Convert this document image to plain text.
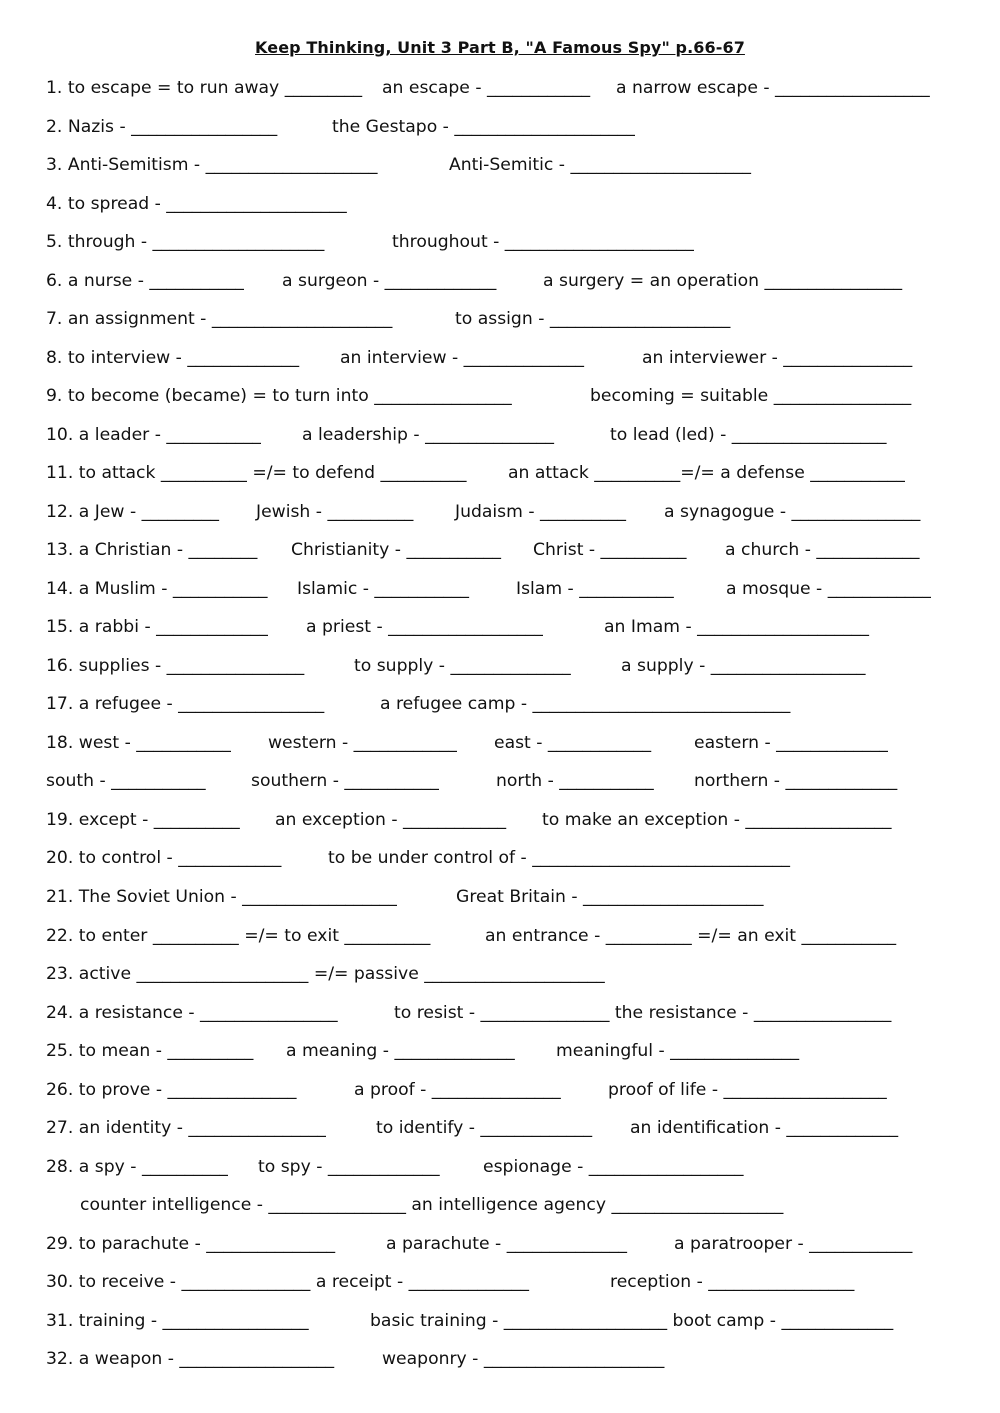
Keep Thinking, Unit 3 Part B, "A Famous Spy" p.66-67
1. to escape = to run away _________ an escape - ____________ a narrow escape - __________________
2. Nazis - _________________	the Gestapo - _____________________
3. Anti-Semitism - ____________________	Anti-Semitic - _____________________
4. to spread - _____________________
5. through - ____________________	throughout - ______________________
6. a nurse - ___________ a surgeon - _____________	a surgery = an operation ________________
7. an assignment - _____________________	to assign - _____________________
8. to interview - _____________ an interview - ______________	an interviewer - _______________
9. to become (became) = to turn into ________________	becoming = suitable ________________
10. a leader - ___________ a leadership - _______________	to lead (led) - __________________
11. to attack __________ =/= to defend __________ an attack __________=/= a defense ___________
12. a Jew - _________ Jewish - __________ Judaism - __________ a synagogue - _______________
13. a Christian - ________ Christianity - ___________ Christ - __________ a church - ____________
14. a Muslim - ___________ Islamic - ___________	Islam - ___________	a mosque - ____________
15. a rabbi - _____________ a priest - __________________	an Imam - ____________________
16. supplies - ________________	to supply - ______________	a supply - __________________
17. a refugee - _________________	a refugee camp - ______________________________
18. west - ___________ western - ____________ east - ____________ eastern - _____________
south - ___________	southern - ___________	north - ___________ northern - _____________
19. except - __________ an exception - ____________ to make an exception - _________________
20. to control - ____________	to be under control of - ______________________________
21. The Soviet Union - __________________	Great Britain - _____________________
22. to enter __________ =/= to exit __________	an entrance - __________ =/= an exit ___________
23. active ____________________ =/= passive _____________________
24. a resistance - ________________	to resist - _______________ the resistance - ________________
25. to mean - __________ a meaning - ______________ meaningful - _______________
26. to prove - _______________	a proof - _______________	proof of life - ___________________
27. an identity - ________________	to identify - _____________ an identification - _____________
28. a spy - __________ to spy - _____________	espionage - __________________
counter intelligence - ________________ an intelligence agency ____________________
29. to parachute - _______________	a parachute - ______________	a paratrooper - ____________
30. to receive - _______________ a receipt - ______________	reception - _________________
31. training - _________________	basic training - ___________________ boot camp - _____________
32. a weapon - __________________	weaponry - _____________________
